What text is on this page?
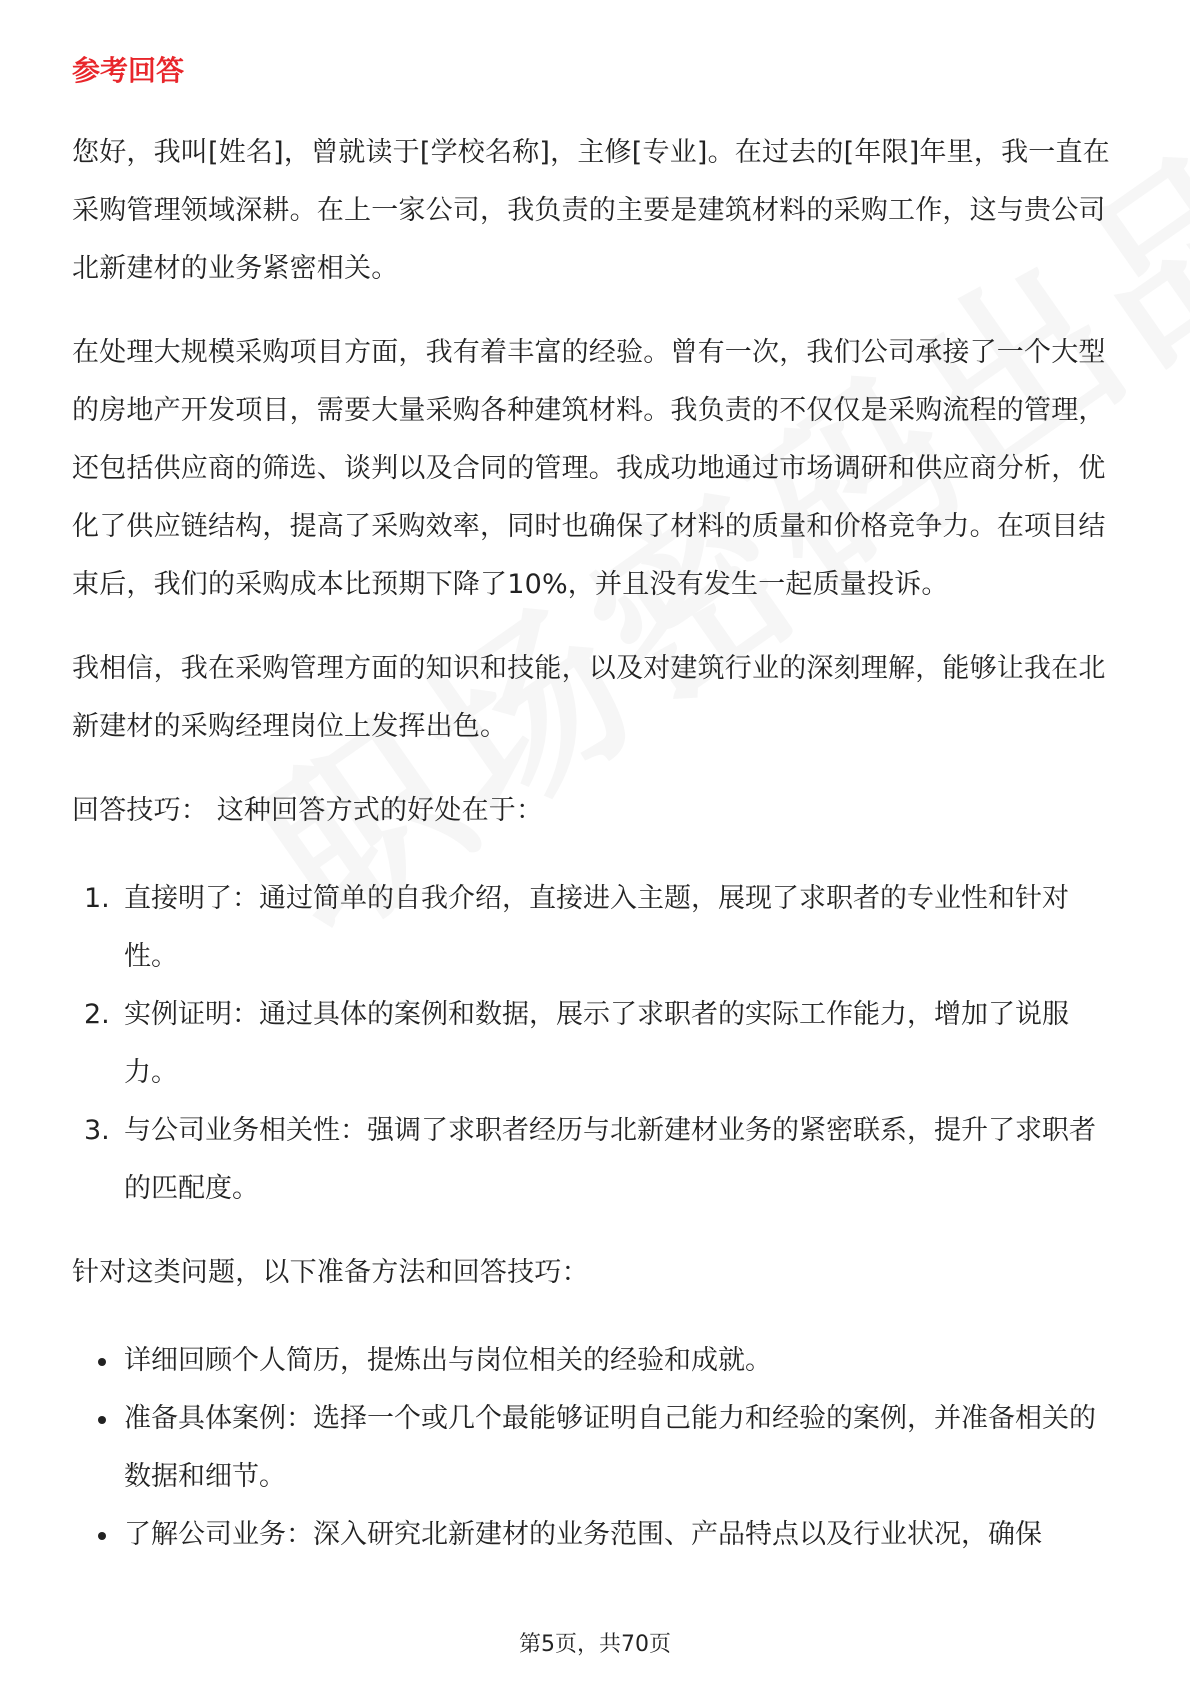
参考回答

您好，我叫[姓名]，曾就读于[学校名称]，主修[专业]。在过去的[年限]年里，我一直在采购管理领域深耕。在上一家公司，我负责的主要是建筑材料的采购工作，这与贵公司北新建材的业务紧密相关。

在处理大规模采购项目方面，我有着丰富的经验。曾有一次，我们公司承接了一个大型的房地产开发项目，需要大量采购各种建筑材料。我负责的不仅仅是采购流程的管理，还包括供应商的筛选、谈判以及合同的管理。我成功地通过市场调研和供应商分析，优化了供应链结构，提高了采购效率，同时也确保了材料的质量和价格竞争力。在项目结束后，我们的采购成本比预期下降了10%，并且没有发生一起质量投诉。

我相信，我在采购管理方面的知识和技能，以及对建筑行业的深刻理解，能够让我在北新建材的采购经理岗位上发挥出色。

回答技巧： 这种回答方式的好处在于：

1. 直接明了：通过简单的自我介绍，直接进入主题，展现了求职者的专业性和针对性。
2. 实例证明：通过具体的案例和数据，展示了求职者的实际工作能力，增加了说服力。
3. 与公司业务相关性：强调了求职者经历与北新建材业务的紧密联系，提升了求职者的匹配度。

针对这类问题，以下准备方法和回答技巧：

详细回顾个人简历，提炼出与岗位相关的经验和成就。
准备具体案例：选择一个或几个最能够证明自己能力和经验的案例，并准备相关的数据和细节。
了解公司业务：深入研究北新建材的业务范围、产品特点以及行业状况，确保
第5页，共70页
